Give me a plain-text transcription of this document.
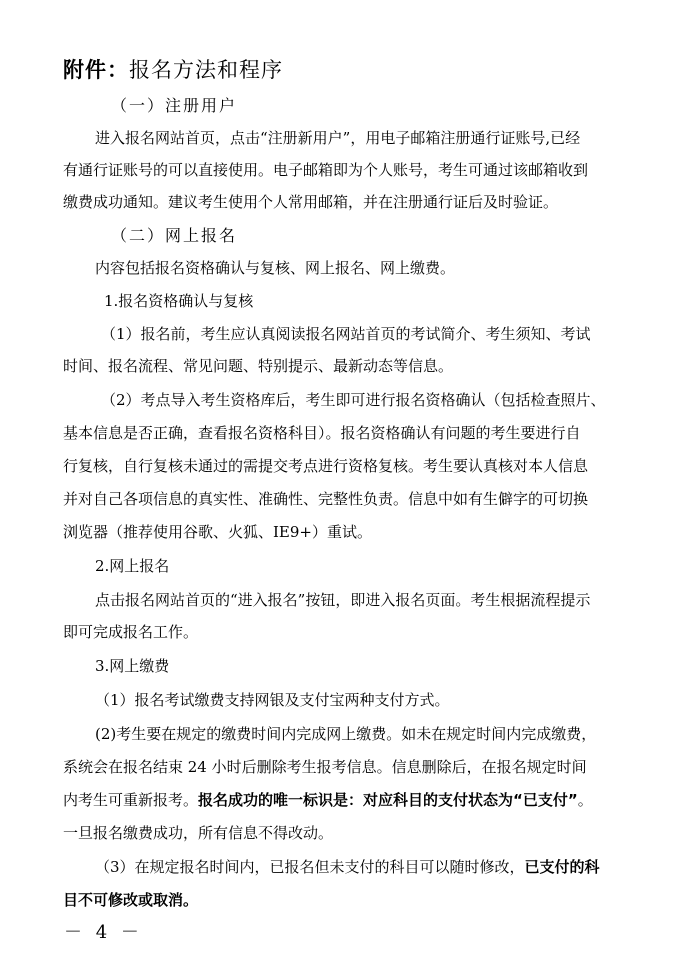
附件：报名方法和程序
（一）注册用户
进入报名网站首页，点击“注册新用户”，用电子邮箱注册通行证账号,已经
有通行证账号的可以直接使用。电子邮箱即为个人账号，考生可通过该邮箱收到
缴费成功通知。建议考生使用个人常用邮箱，并在注册通行证后及时验证。
（二）网上报名
内容包括报名资格确认与复核、网上报名、网上缴费。
1.报名资格确认与复核
（1）报名前，考生应认真阅读报名网站首页的考试简介、考生须知、考试
时间、报名流程、常见问题、特别提示、最新动态等信息。
（2）考点导入考生资格库后，考生即可进行报名资格确认（包括检查照片、
基本信息是否正确，查看报名资格科目）。报名资格确认有问题的考生要进行自
行复核，自行复核未通过的需提交考点进行资格复核。考生要认真核对本人信息
并对自己各项信息的真实性、准确性、完整性负责。信息中如有生僻字的可切换
浏览器（推荐使用谷歌、火狐、IE9+）重试。
2.网上报名
点击报名网站首页的“进入报名”按钮，即进入报名页面。考生根据流程提示
即可完成报名工作。
3.网上缴费
（1）报名考试缴费支持网银及支付宝两种支付方式。
(2)考生要在规定的缴费时间内完成网上缴费。如未在规定时间内完成缴费，
系统会在报名结束 24 小时后删除考生报考信息。信息删除后，在报名规定时间
内考生可重新报考。报名成功的唯一标识是：对应科目的支付状态为“已支付”。
一旦报名缴费成功，所有信息不得改动。
（3）在规定报名时间内，已报名但未支付的科目可以随时修改，已支付的科
目不可修改或取消。
－ 4 －
